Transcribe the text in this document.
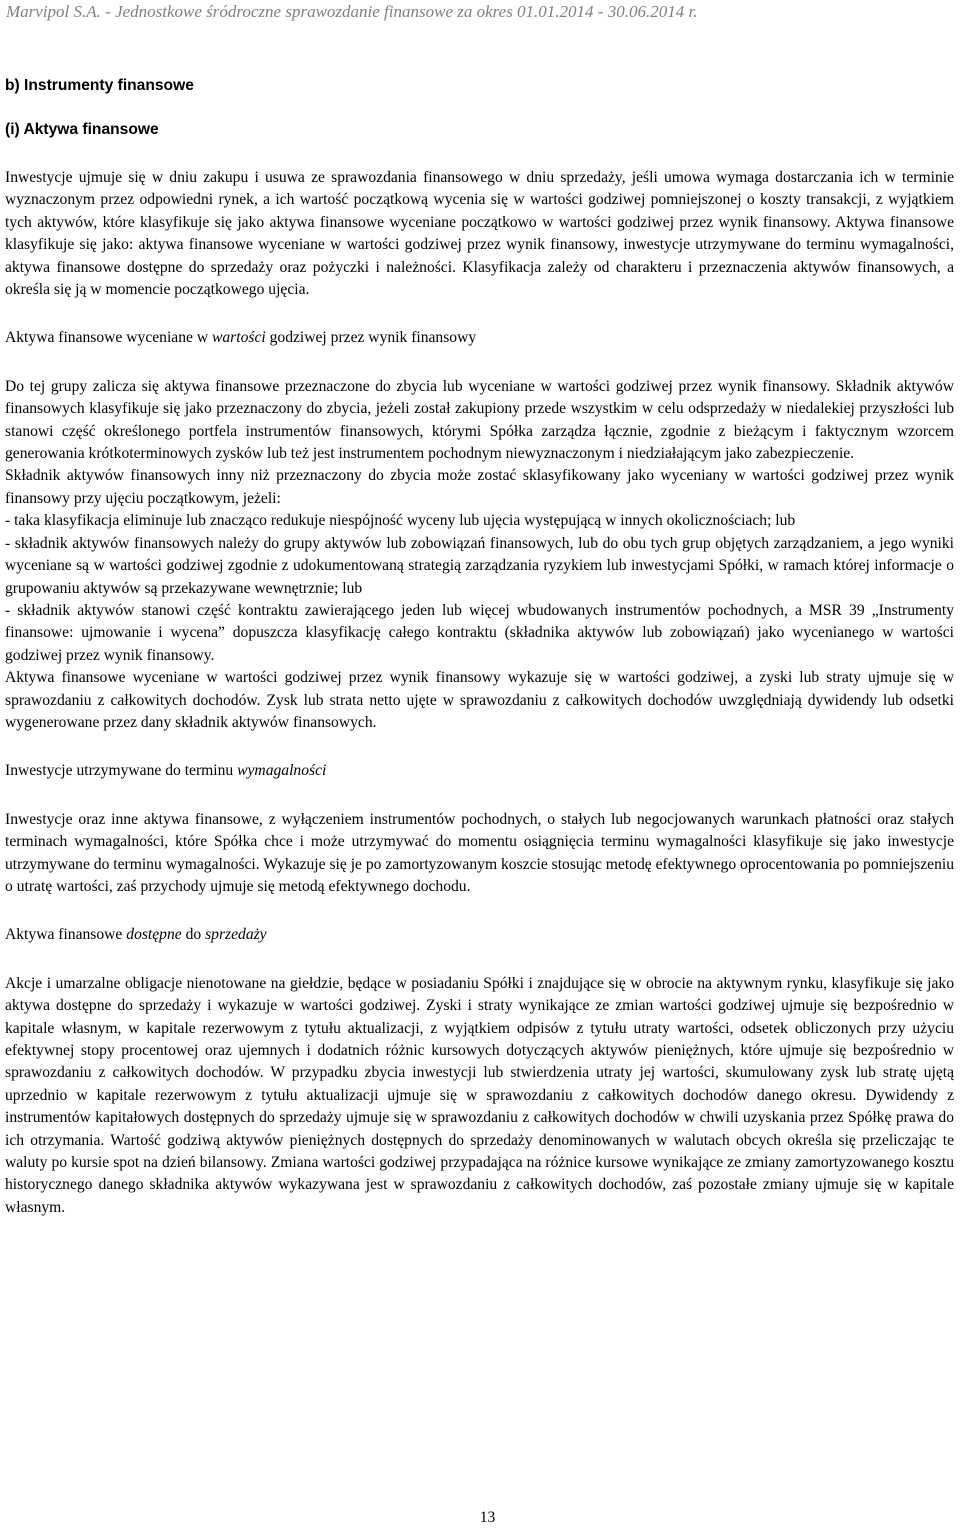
Marvipol S.A. - Jednostkowe śródroczne sprawozdanie finansowe za okres 01.01.2014 - 30.06.2014 r.
b) Instrumenty finansowe
(i) Aktywa finansowe

Inwestycje ujmuje się w dniu zakupu i usuwa ze sprawozdania finansowego w dniu sprzedaży, jeśli umowa wymaga dostarczania ich w terminie wyznaczonym przez odpowiedni rynek, a ich wartość początkową wycenia się w wartości godziwej pomniejszonej o koszty transakcji, z wyjątkiem tych aktywów, które klasyfikuje się jako aktywa finansowe wyceniane początkowo w wartości godziwej przez wynik finansowy. Aktywa finansowe klasyfikuje się jako: aktywa finansowe wyceniane w wartości godziwej przez wynik finansowy, inwestycje utrzymywane do terminu wymagalności, aktywa finansowe dostępne do sprzedaży oraz pożyczki i należności. Klasyfikacja zależy od charakteru i przeznaczenia aktywów finansowych, a określa się ją w momencie początkowego ujęcia.

Aktywa finansowe wyceniane w wartości godziwej przez wynik finansowy

Do tej grupy zalicza się aktywa finansowe przeznaczone do zbycia lub wyceniane w wartości godziwej przez wynik finansowy. Składnik aktywów finansowych klasyfikuje się jako przeznaczony do zbycia, jeżeli został zakupiony przede wszystkim w celu odsprzedaży w niedalekiej przyszłości lub stanowi część określonego portfela instrumentów finansowych, którymi Spółka zarządza łącznie, zgodnie z bieżącym i faktycznym wzorcem generowania krótkoterminowych zysków lub też jest instrumentem pochodnym niewyznaczonym i niedziałającym jako zabezpieczenie.

Składnik aktywów finansowych inny niż przeznaczony do zbycia może zostać sklasyfikowany jako wyceniany w wartości godziwej przez wynik finansowy przy ujęciu początkowym, jeżeli:

- taka klasyfikacja eliminuje lub znacząco redukuje niespójność wyceny lub ujęcia występującą w innych okolicznościach; lub

- składnik aktywów finansowych należy do grupy aktywów lub zobowiązań finansowych, lub do obu tych grup objętych zarządzaniem, a jego wyniki wyceniane są w wartości godziwej zgodnie z udokumentowaną strategią zarządzania ryzykiem lub inwestycjami Spółki, w ramach której informacje o grupowaniu aktywów są przekazywane wewnętrznie; lub

- składnik aktywów stanowi część kontraktu zawierającego jeden lub więcej wbudowanych instrumentów pochodnych, a MSR 39 „Instrumenty finansowe: ujmowanie i wycena” dopuszcza klasyfikację całego kontraktu (składnika aktywów lub zobowiązań) jako wycenianego w wartości godziwej przez wynik finansowy.

Aktywa finansowe wyceniane w wartości godziwej przez wynik finansowy wykazuje się w wartości godziwej, a zyski lub straty ujmuje się w sprawozdaniu z całkowitych dochodów. Zysk lub strata netto ujęte w sprawozdaniu z całkowitych dochodów uwzględniają dywidendy lub odsetki wygenerowane przez dany składnik aktywów finansowych.

Inwestycje utrzymywane do terminu wymagalności

Inwestycje oraz inne aktywa finansowe, z wyłączeniem instrumentów pochodnych, o stałych lub negocjowanych warunkach płatności oraz stałych terminach wymagalności, które Spółka chce i może utrzymywać do momentu osiągnięcia terminu wymagalności klasyfikuje się jako inwestycje utrzymywane do terminu wymagalności. Wykazuje się je po zamortyzowanym koszcie stosując metodę efektywnego oprocentowania po pomniejszeniu o utratę wartości, zaś przychody ujmuje się metodą efektywnego dochodu.

Aktywa finansowe dostępne do sprzedaży

Akcje i umarzalne obligacje nienotowane na giełdzie, będące w posiadaniu Spółki i znajdujące się w obrocie na aktywnym rynku, klasyfikuje się jako aktywa dostępne do sprzedaży i wykazuje w wartości godziwej. Zyski i straty wynikające ze zmian wartości godziwej ujmuje się bezpośrednio w kapitale własnym, w kapitale rezerwowym z tytułu aktualizacji, z wyjątkiem odpisów z tytułu utraty wartości, odsetek obliczonych przy użyciu efektywnej stopy procentowej oraz ujemnych i dodatnich różnic kursowych dotyczących aktywów pieniężnych, które ujmuje się bezpośrednio w sprawozdaniu z całkowitych dochodów. W przypadku zbycia inwestycji lub stwierdzenia utraty jej wartości, skumulowany zysk lub stratę ujętą uprzednio w kapitale rezerwowym z tytułu aktualizacji ujmuje się w sprawozdaniu z całkowitych dochodów danego okresu. Dywidendy z instrumentów kapitałowych dostępnych do sprzedaży ujmuje się w sprawozdaniu z całkowitych dochodów w chwili uzyskania przez Spółkę prawa do ich otrzymania. Wartość godziwą aktywów pieniężnych dostępnych do sprzedaży denominowanych w walutach obcych określa się przeliczając te waluty po kursie spot na dzień bilansowy. Zmiana wartości godziwej przypadająca na różnice kursowe wynikające ze zmiany zamortyzowanego kosztu historycznego danego składnika aktywów wykazywana jest w sprawozdaniu z całkowitych dochodów, zaś pozostałe zmiany ujmuje się w kapitale własnym.

13
